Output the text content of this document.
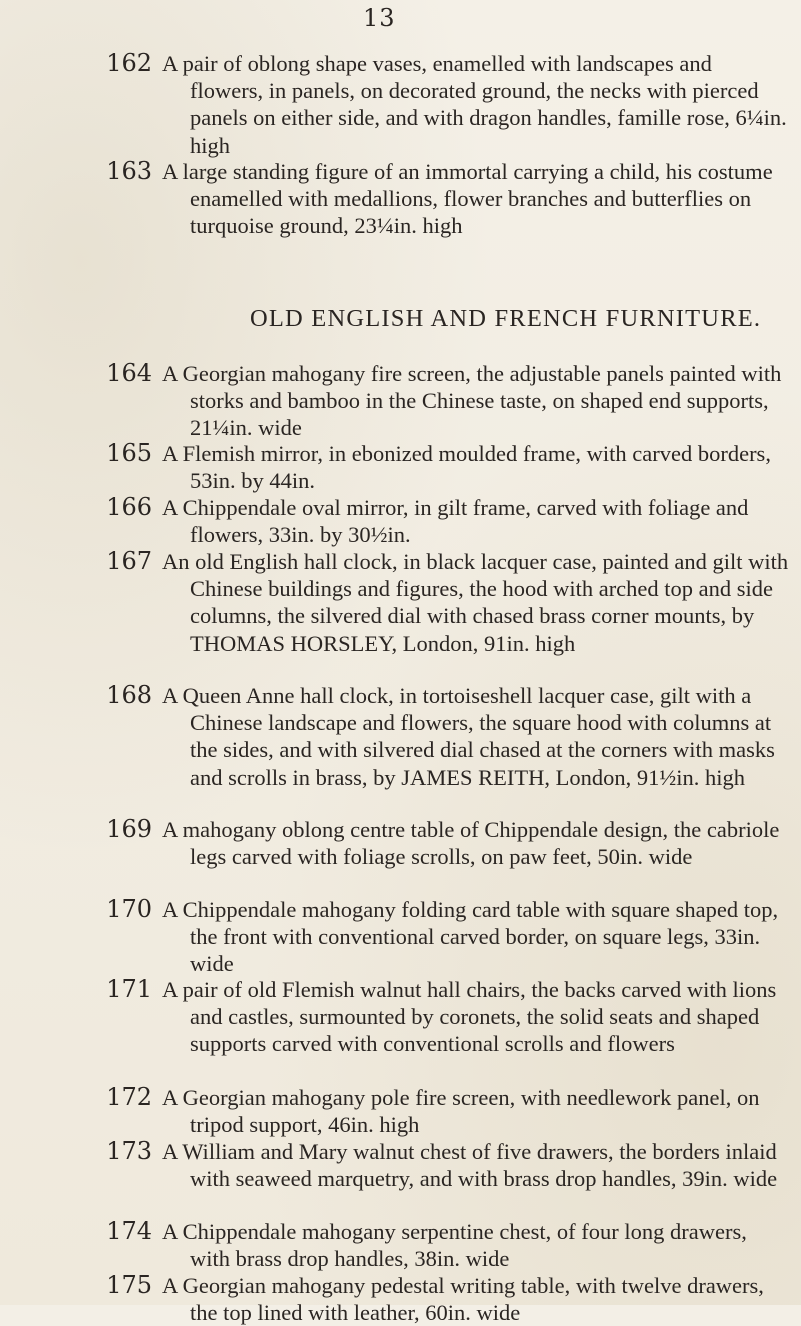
13
162 A pair of oblong shape vases, enamelled with landscapes and flowers, in panels, on decorated ground, the necks with pierced panels on either side, and with dragon handles, famille rose, 6¼in. high
163 A large standing figure of an immortal carrying a child, his costume enamelled with medallions, flower branches and butterflies on turquoise ground, 23¼in. high
OLD ENGLISH AND FRENCH FURNITURE.
164 A Georgian mahogany fire screen, the adjustable panels painted with storks and bamboo in the Chinese taste, on shaped end supports, 21¼in. wide
165 A Flemish mirror, in ebonized moulded frame, with carved borders, 53in. by 44in.
166 A Chippendale oval mirror, in gilt frame, carved with foliage and flowers, 33in. by 30½in.
167 An old English hall clock, in black lacquer case, painted and gilt with Chinese buildings and figures, the hood with arched top and side columns, the silvered dial with chased brass corner mounts, by THOMAS HORSLEY, London, 91in. high
168 A Queen Anne hall clock, in tortoiseshell lacquer case, gilt with a Chinese landscape and flowers, the square hood with columns at the sides, and with silvered dial chased at the corners with masks and scrolls in brass, by JAMES REITH, London, 91½in. high
169 A mahogany oblong centre table of Chippendale design, the cabriole legs carved with foliage scrolls, on paw feet, 50in. wide
170 A Chippendale mahogany folding card table with square shaped top, the front with conventional carved border, on square legs, 33in. wide
171 A pair of old Flemish walnut hall chairs, the backs carved with lions and castles, surmounted by coronets, the solid seats and shaped supports carved with conventional scrolls and flowers
172 A Georgian mahogany pole fire screen, with needlework panel, on tripod support, 46in. high
173 A William and Mary walnut chest of five drawers, the borders inlaid with seaweed marquetry, and with brass drop handles, 39in. wide
174 A Chippendale mahogany serpentine chest, of four long drawers, with brass drop handles, 38in. wide
175 A Georgian mahogany pedestal writing table, with twelve drawers, the top lined with leather, 60in. wide
